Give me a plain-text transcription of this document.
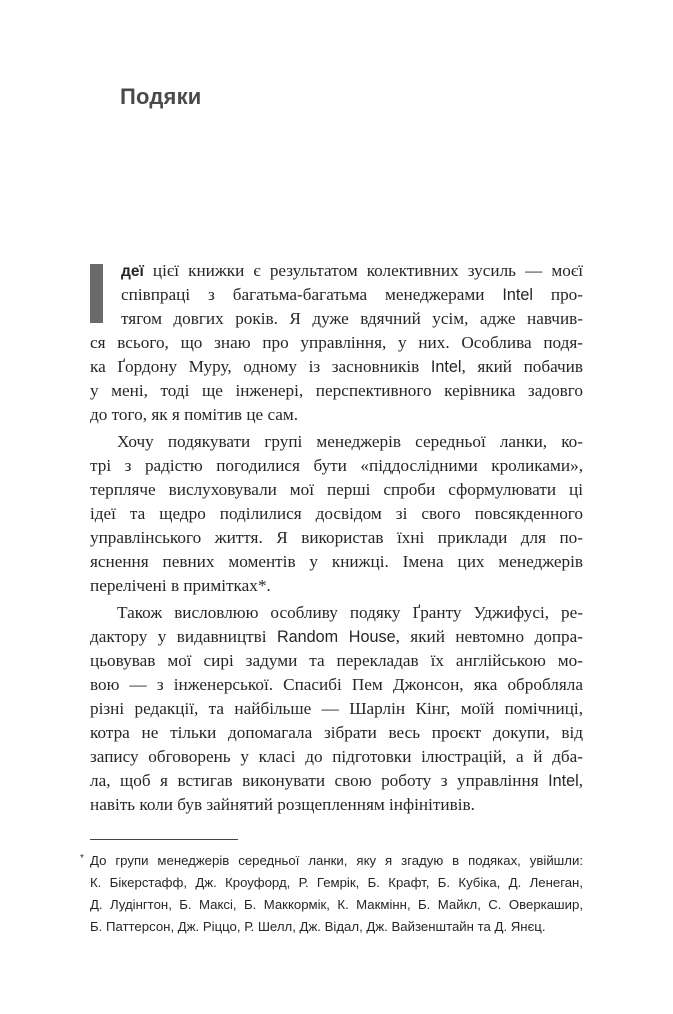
Подяки
деї цієї книжки є результатом колективних зусиль — моєї
співпраці з багатьма-багатьма менеджерами Intel про-
тягом довгих років. Я дуже вдячний усім, адже навчив-
ся всього, що знаю про управління, у них. Особлива подя-
ка Ґордону Муру, одному із засновників Intel, який побачив
у мені, тоді ще інженері, перспективного керівника задовго
до того, як я помітив це сам.
Хочу подякувати групі менеджерів середньої ланки, ко-
трі з радістю погодилися бути «піддослідними кроликами»,
терпляче вислуховували мої перші спроби сформулювати ці
ідеї та щедро поділилися досвідом зі свого повсякденного
управлінського життя. Я використав їхні приклади для по-
яснення певних моментів у книжці. Імена цих менеджерів
перелічені в примітках*.
Також висловлюю особливу подяку Ґранту Уджифусі, ре-
дактору у видавництві Random House, який невтомно допра-
цьовував мої сирі задуми та перекладав їх англійською мо-
вою — з інженерської. Спасибі Пем Джонсон, яка обробляла
різні редакції, та найбільше — Шарлін Кінг, моїй помічниці,
котра не тільки допомагала зібрати весь проєкт докупи, від
запису обговорень у класі до підготовки ілюстрацій, а й дба-
ла, щоб я встигав виконувати свою роботу з управління Intel,
навіть коли був зайнятий розщепленням інфінітивів.
* До групи менеджерів середньої ланки, яку я згадую в подяках, увійшли:
К. Бікерстафф, Дж. Кроуфорд, Р. Гемрік, Б. Крафт, Б. Кубіка, Д. Ленеган,
Д. Лудінгтон, Б. Максі, Б. Маккормік, К. Макмінн, Б. Майкл, С. Оверкашир,
Б. Паттерсон, Дж. Ріццо, Р. Шелл, Дж. Відал, Дж. Вайзенштайн та Д. Янєц.
